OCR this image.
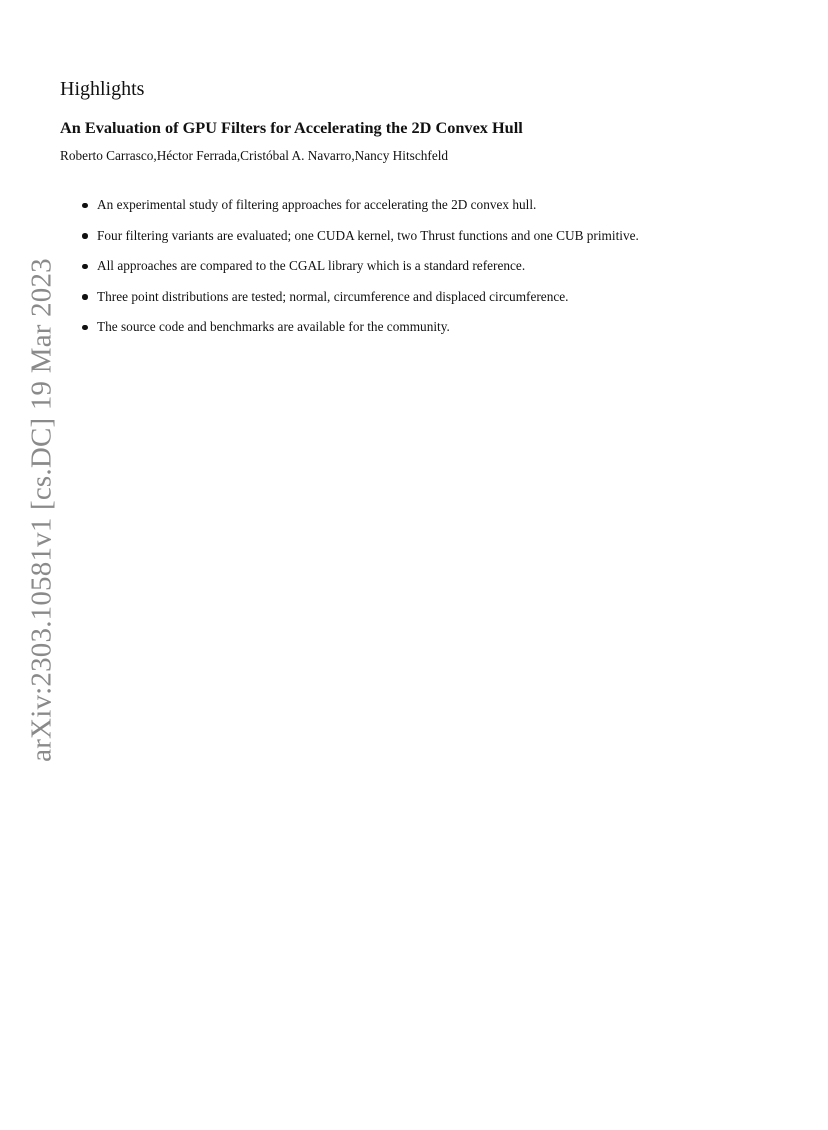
arXiv:2303.10581v1 [cs.DC] 19 Mar 2023
Highlights
An Evaluation of GPU Filters for Accelerating the 2D Convex Hull

Roberto Carrasco,Héctor Ferrada,Cristóbal A. Navarro,Nancy Hitschfeld

An experimental study of filtering approaches for accelerating the 2D convex hull.
Four filtering variants are evaluated; one CUDA kernel, two Thrust functions and one CUB primitive.
All approaches are compared to the CGAL library which is a standard reference.
Three point distributions are tested; normal, circumference and displaced circumference.
The source code and benchmarks are available for the community.
